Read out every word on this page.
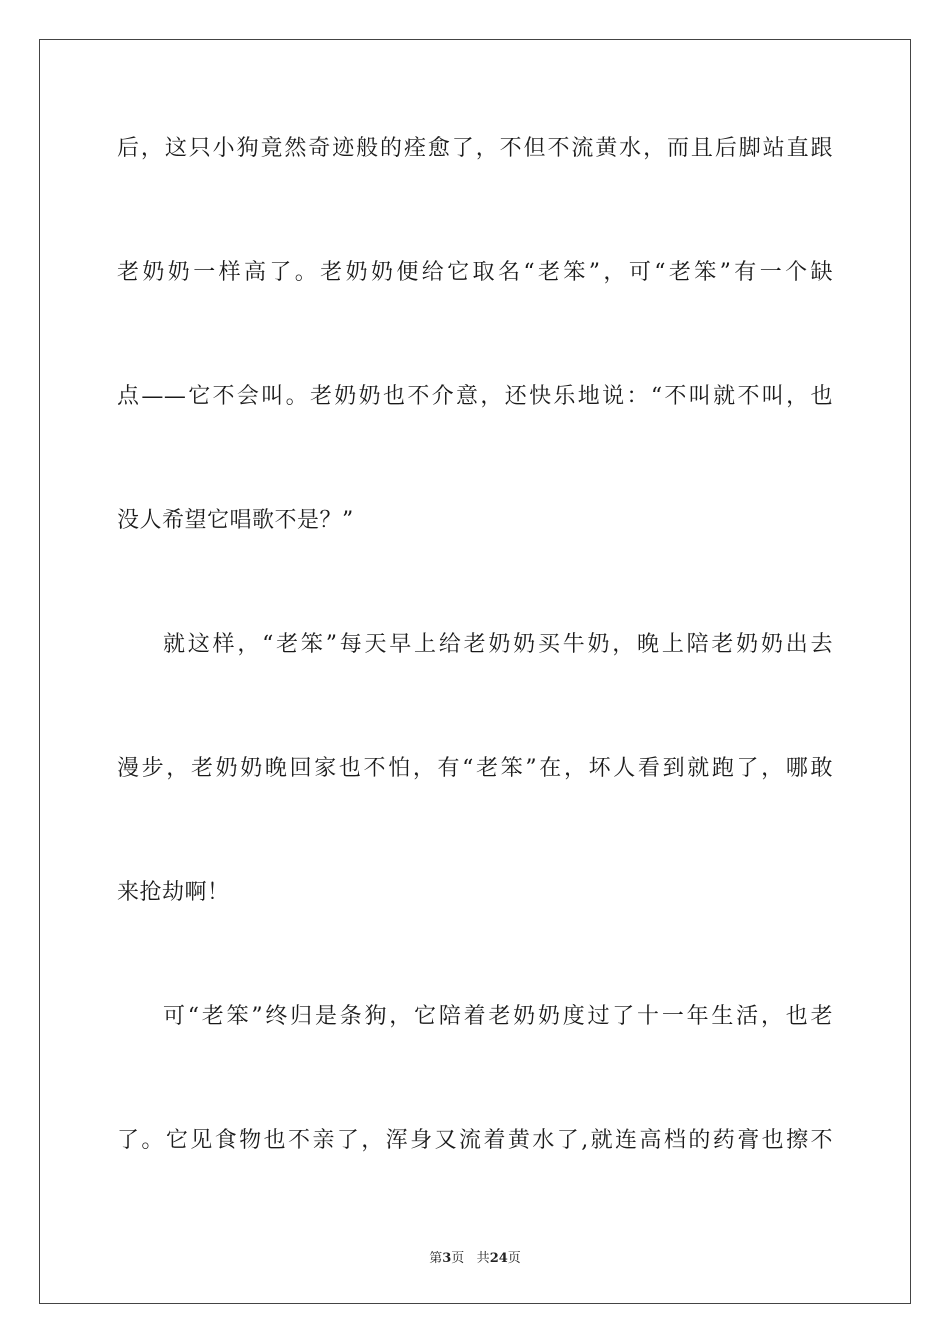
后，这只小狗竟然奇迹般的痊愈了，不但不流黄水，而且后脚站直跟
老奶奶一样高了。老奶奶便给它取名“老笨”，可“老笨”有一个缺
点——它不会叫。老奶奶也不介意，还快乐地说：“不叫就不叫，也
没人希望它唱歌不是？”
就这样，“老笨”每天早上给老奶奶买牛奶，晚上陪老奶奶出去
漫步，老奶奶晚回家也不怕，有“老笨”在，坏人看到就跑了，哪敢
来抢劫啊！
可“老笨”终归是条狗，它陪着老奶奶度过了十一年生活，也老
了。它见食物也不亲了，浑身又流着黄水了,就连高档的药膏也擦不
第3页 共24页
